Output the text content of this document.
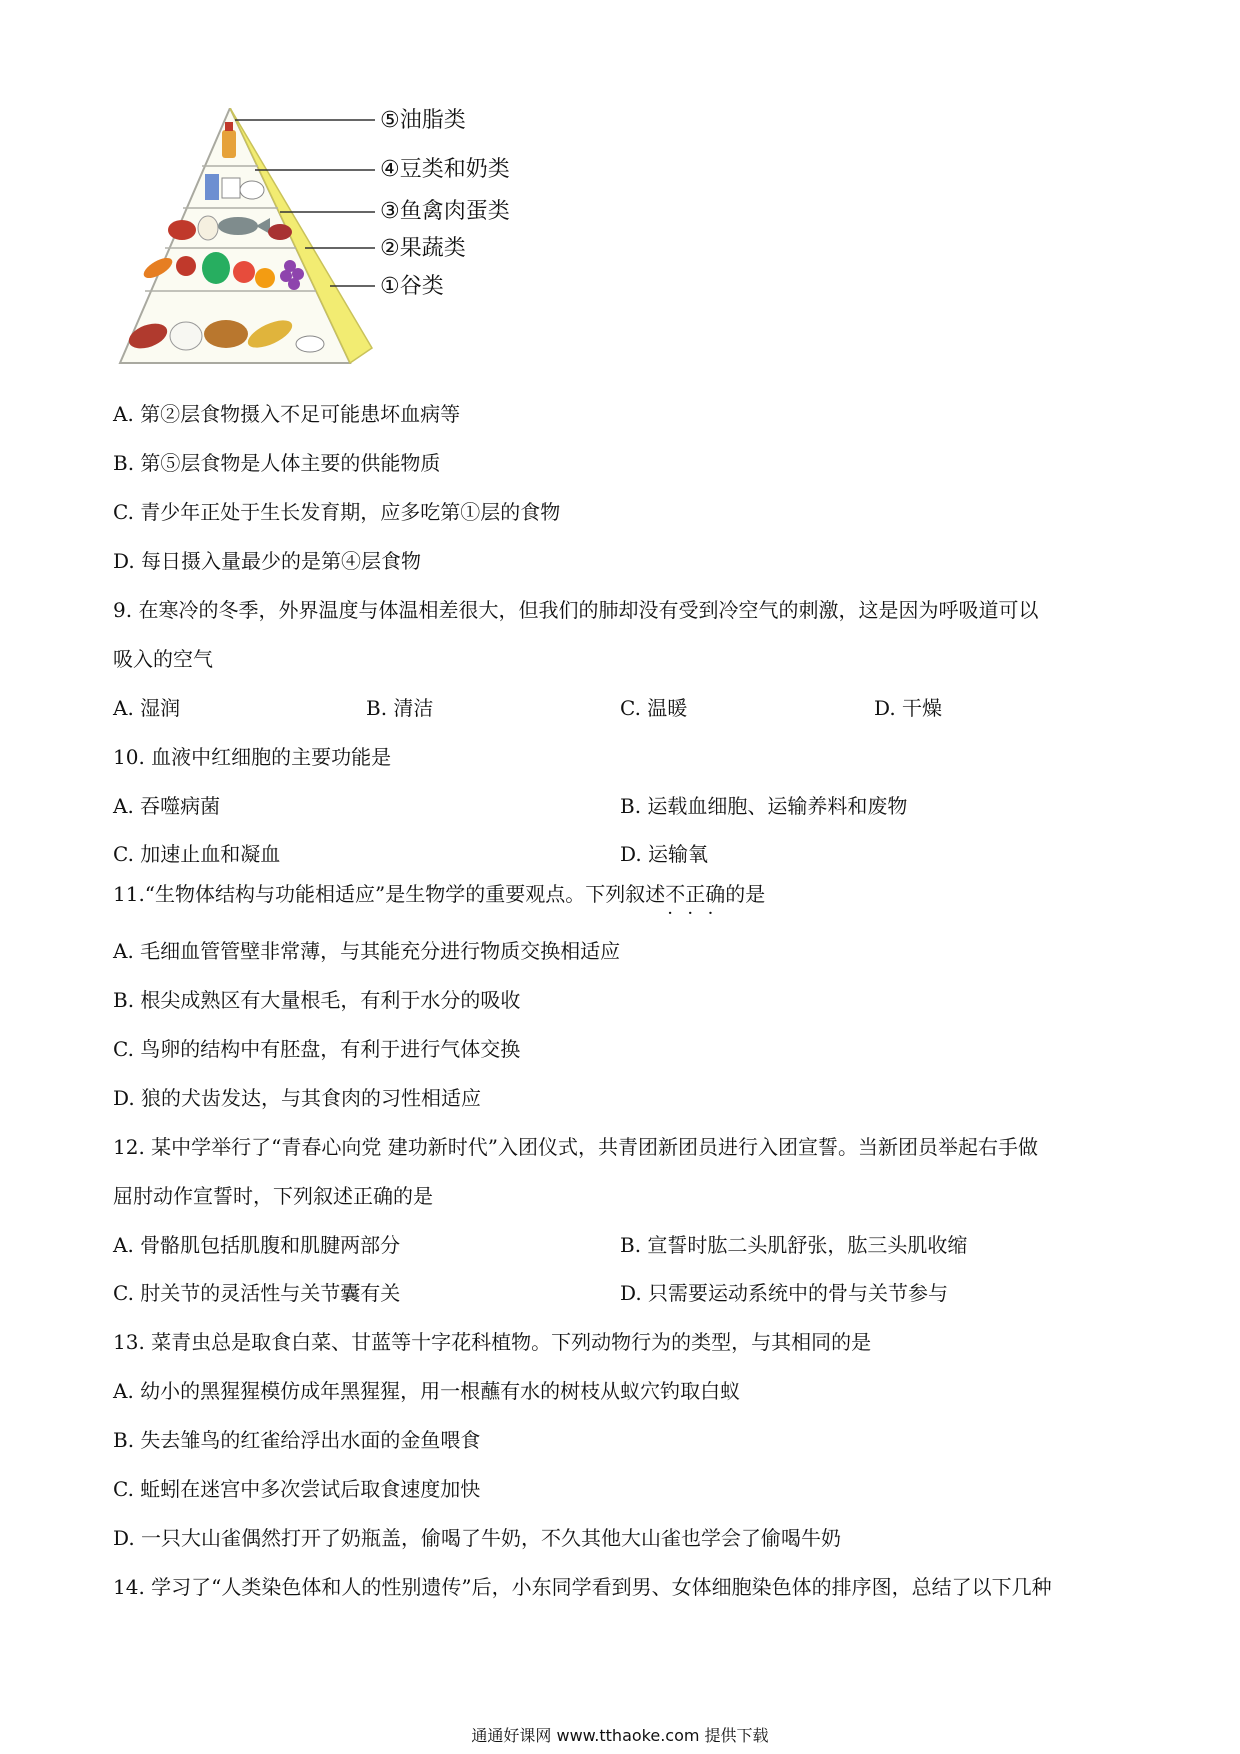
⑤油脂类
④豆类和奶类
③鱼禽肉蛋类
②果蔬类
①谷类
A. 第②层食物摄入不足可能患坏血病等
B. 第⑤层食物是人体主要的供能物质
C. 青少年正处于生长发育期，应多吃第①层的食物
D. 每日摄入量最少的是第④层食物
9. 在寒冷的冬季，外界温度与体温相差很大，但我们的肺却没有受到冷空气的刺激，这是因为呼吸道可以
吸入的空气
A. 湿润	B. 清洁	C. 温暖	D. 干燥
10. 血液中红细胞的主要功能是
A. 吞噬病菌	B. 运载血细胞、运输养料和废物
C. 加速止血和凝血	D. 运输氧
11.“生物体结构与功能相适应”是生物学的重要观点。下列叙述不正确 ·  ·  ·的是
A. 毛细血管管壁非常薄，与其能充分进行物质交换相适应
B. 根尖成熟区有大量根毛，有利于水分的吸收
C. 鸟卵的结构中有胚盘，有利于进行气体交换
D. 狼的犬齿发达，与其食肉的习性相适应
12. 某中学举行了“青春心向党 建功新时代”入团仪式，共青团新团员进行入团宣誓。当新团员举起右手做
屈肘动作宣誓时，下列叙述正确的是
A. 骨骼肌包括肌腹和肌腱两部分	B. 宣誓时肱二头肌舒张，肱三头肌收缩
C. 肘关节的灵活性与关节囊有关	D. 只需要运动系统中的骨与关节参与
13. 菜青虫总是取食白菜、甘蓝等十字花科植物。下列动物行为的类型，与其相同的是
A. 幼小的黑猩猩模仿成年黑猩猩，用一根蘸有水的树枝从蚁穴钓取白蚁
B. 失去雏鸟的红雀给浮出水面的金鱼喂食
C. 蚯蚓在迷宫中多次尝试后取食速度加快
D. 一只大山雀偶然打开了奶瓶盖，偷喝了牛奶，不久其他大山雀也学会了偷喝牛奶
14. 学习了“人类染色体和人的性别遗传”后，小东同学看到男、女体细胞染色体的排序图，总结了以下几种
通通好课网 www.tthaoke.com 提供下载
